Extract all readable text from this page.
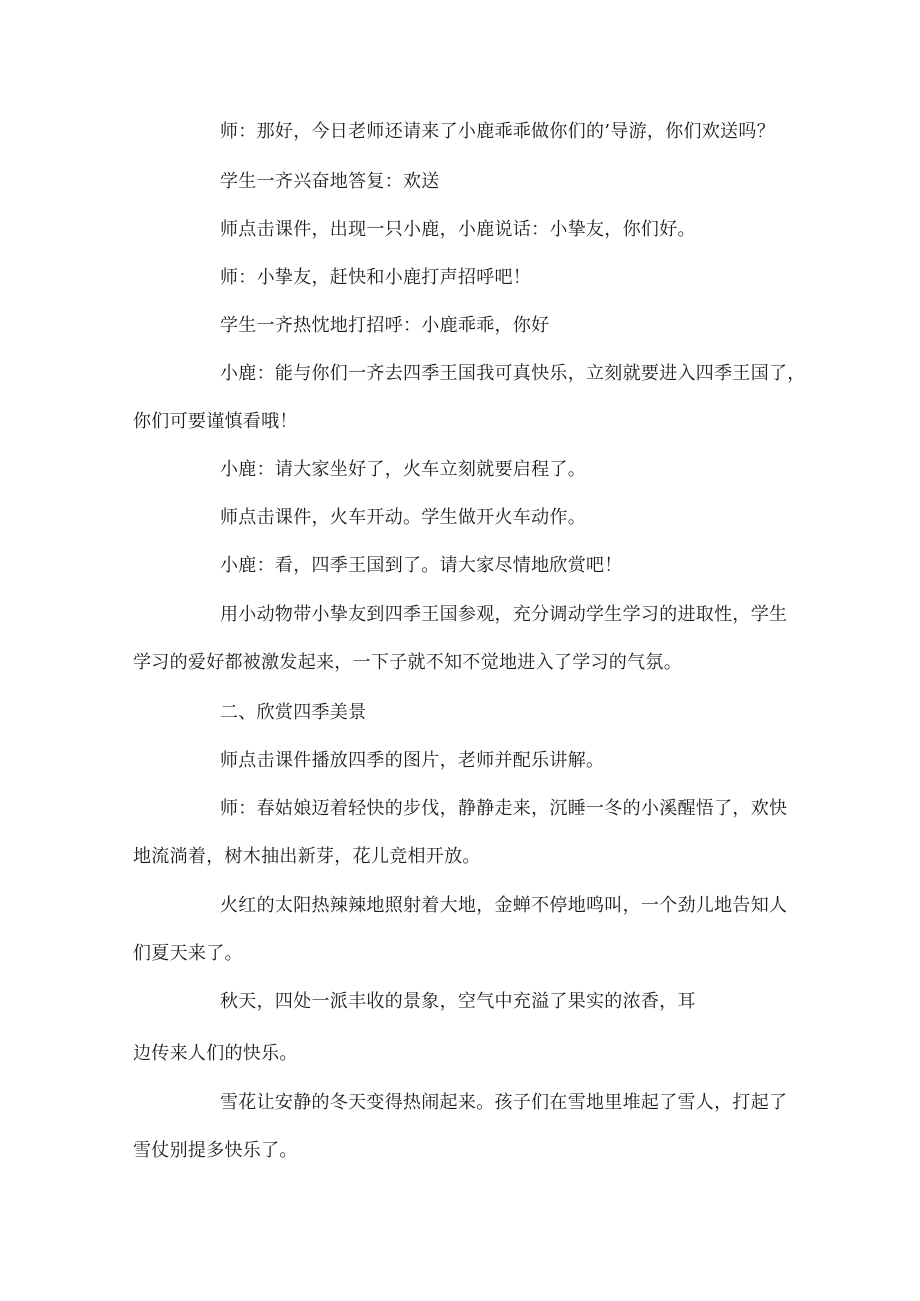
师：那好，今日老师还请来了小鹿乖乖做你们的’导游，你们欢送吗？
学生一齐兴奋地答复：欢送
师点击课件，出现一只小鹿，小鹿说话：小挚友，你们好。
师：小挚友，赶快和小鹿打声招呼吧！
学生一齐热忱地打招呼：小鹿乖乖，你好
小鹿：能与你们一齐去四季王国我可真快乐，立刻就要进入四季王国了，
你们可要谨慎看哦！
小鹿：请大家坐好了，火车立刻就要启程了。
师点击课件，火车开动。学生做开火车动作。
小鹿：看，四季王国到了。请大家尽情地欣赏吧！
用小动物带小挚友到四季王国参观，充分调动学生学习的进取性，学生
学习的爱好都被激发起来，一下子就不知不觉地进入了学习的气氛。
二、欣赏四季美景
师点击课件播放四季的图片，老师并配乐讲解。
师：春姑娘迈着轻快的步伐，静静走来，沉睡一冬的小溪醒悟了，欢快
地流淌着，树木抽出新芽，花儿竞相开放。
火红的太阳热辣辣地照射着大地，金蝉不停地鸣叫，一个劲儿地告知人
们夏天来了。
秋天，四处一派丰收的景象，空气中充溢了果实的浓香，耳
边传来人们的快乐。
雪花让安静的冬天变得热闹起来。孩子们在雪地里堆起了雪人，打起了
雪仗别提多快乐了。
